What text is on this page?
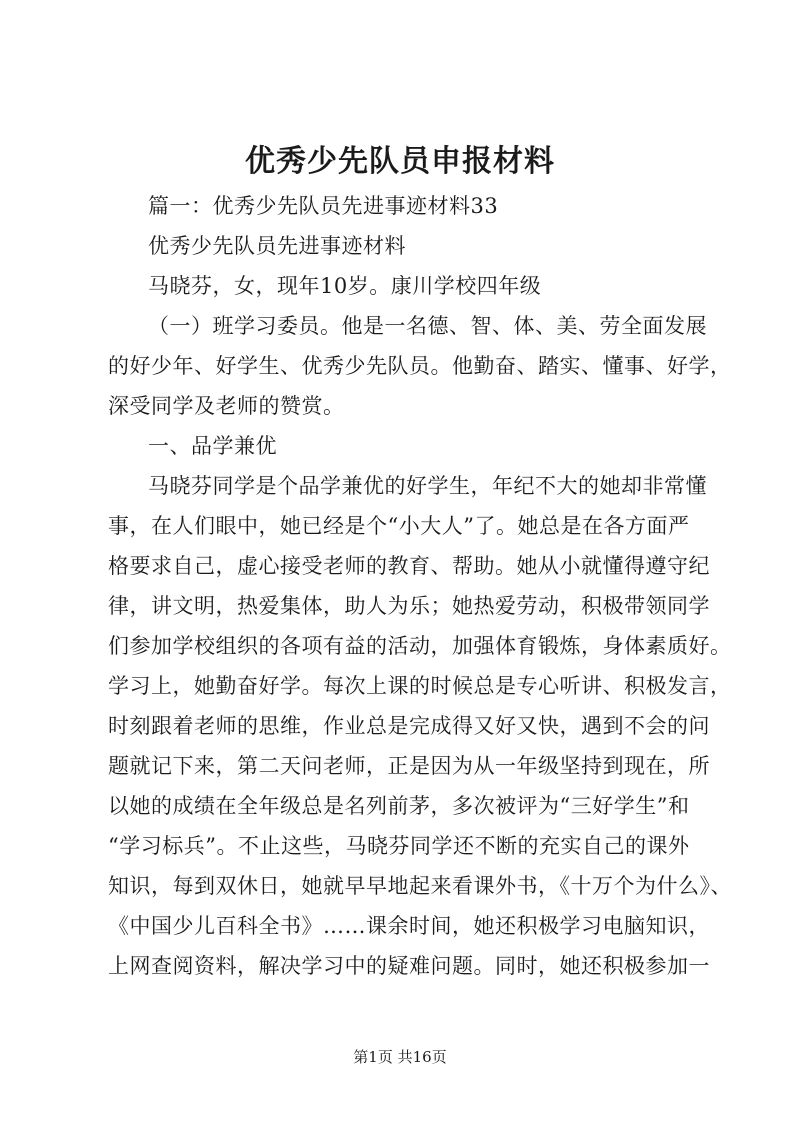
优秀少先队员申报材料
篇一：优秀少先队员先进事迹材料33
优秀少先队员先进事迹材料
马晓芬，女，现年10岁。康川学校四年级
（一）班学习委员。他是一名德、智、体、美、劳全面发展
的好少年、好学生、优秀少先队员。他勤奋、踏实、懂事、好学，
深受同学及老师的赞赏。
一、品学兼优
马晓芬同学是个品学兼优的好学生，年纪不大的她却非常懂
事，在人们眼中，她已经是个“小大人”了。她总是在各方面严
格要求自己，虚心接受老师的教育、帮助。她从小就懂得遵守纪
律，讲文明，热爱集体，助人为乐；她热爱劳动，积极带领同学
们参加学校组织的各项有益的活动，加强体育锻炼，身体素质好。
学习上，她勤奋好学。每次上课的时候总是专心听讲、积极发言，
时刻跟着老师的思维，作业总是完成得又好又快，遇到不会的问
题就记下来，第二天问老师，正是因为从一年级坚持到现在，所
以她的成绩在全年级总是名列前茅，多次被评为“三好学生”和
“学习标兵”。不止这些，马晓芬同学还不断的充实自己的课外
知识，每到双休日，她就早早地起来看课外书，《十万个为什么》、
《中国少儿百科全书》……课余时间，她还积极学习电脑知识，
上网查阅资料，解决学习中的疑难问题。同时，她还积极参加一
第1页 共16页
